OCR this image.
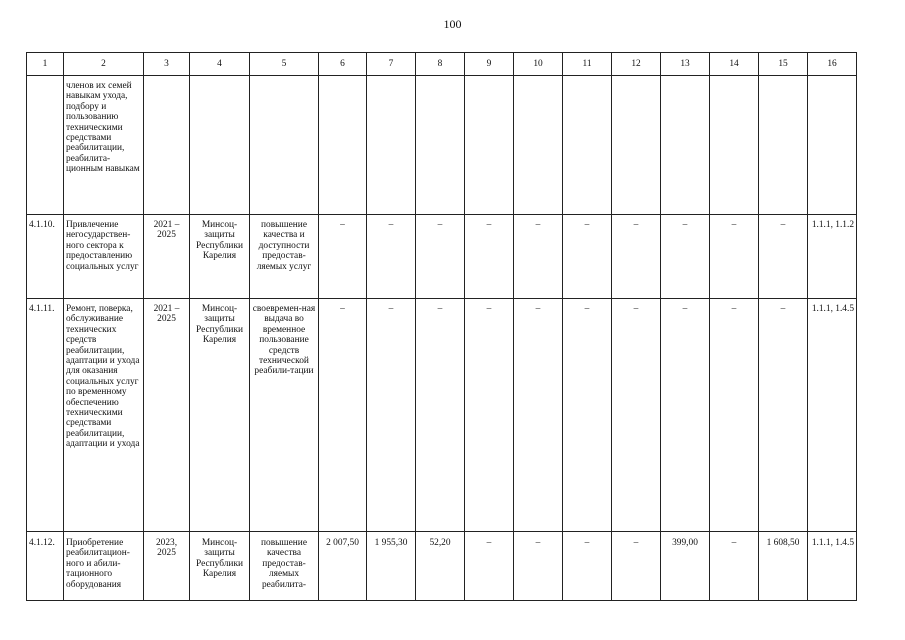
100
1	2	3	4	5	6	7	8	9	10	11	12	13	14	15	16
	членов их семей навыкам ухода, подбору и пользованию техническими средствами реабилитации, реабилита-ционным навыкам														
4.1.10.	Привлечение негосударствен-ного сектора к предоставлению социальных услуг	2021 – 2025	Минсоц-защиты Республики Карелия	повышение качества и доступности предостав-ляемых услуг	–	–	–	–	–	–	–	–	–	–	1.1.1, 1.1.2
4.1.11.	Ремонт, поверка, обслуживание технических средств реабилитации, адаптации и ухода для оказания социальных услуг по временному обеспечению техническими средствами реабилитации, адаптации и ухода	2021 – 2025	Минсоц-защиты Республики Карелия	своевремен-ная выдача во временное пользование средств технической реабили-тации	–	–	–	–	–	–	–	–	–	–	1.1.1, 1.4.5
4.1.12.	Приобретение реабилитацион-ного и абили-тационного оборудования	2023, 2025	Минсоц-защиты Республики Карелия	повышение качества предостав-ляемых реабилита-	2 007,50	1 955,30	52,20	–	–	–	–	399,00	–	1 608,50	1.1.1, 1.4.5
